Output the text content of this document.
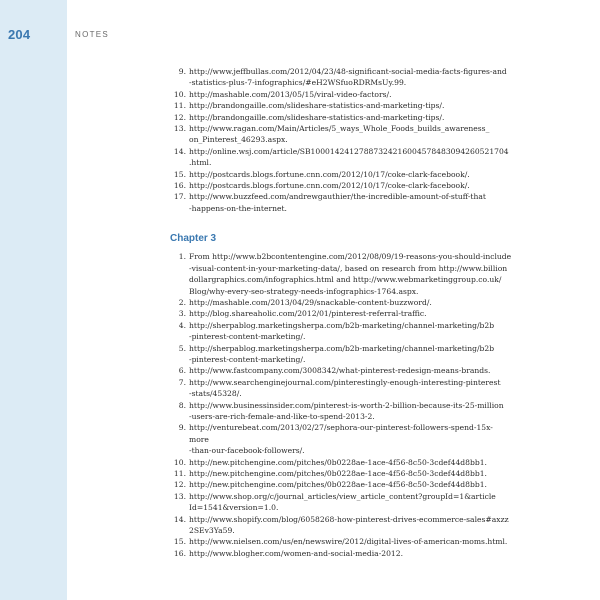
204	NOTES
9. http://www.jeffbullas.com/2012/04/23/48-significant-social-media-facts-figures-and
-statistics-plus-7-infographics/#eH2WSfuoRDRMsUy.99.
10. http://mashable.com/2013/05/15/viral-video-factors/.
11. http://brandongaille.com/slideshare-statistics-and-marketing-tips/.
12. http://brandongaille.com/slideshare-statistics-and-marketing-tips/.
13. http://www.ragan.com/Main/Articles/5_ways_Whole_Foods_builds_awareness_
on_Pinterest_46293.aspx.
14. http://online.wsj.com/article/SB10001424127887324216004578483094260521704
.html.
15. http://postcards.blogs.fortune.cnn.com/2012/10/17/coke-clark-facebook/.
16. http://postcards.blogs.fortune.cnn.com/2012/10/17/coke-clark-facebook/.
17. http://www.buzzfeed.com/andrewgauthier/the-incredible-amount-of-stuff-that
-happens-on-the-internet.
Chapter 3
1. From http://www.b2bcontentengine.com/2012/08/09/19-reasons-you-should-include
-visual-content-in-your-marketing-data/, based on research from http://www.billion
dollargraphics.com/infographics.html and http://www.webmarketinggroup.co.uk/
Blog/why-every-seo-strategy-needs-infographics-1764.aspx.
2. http://mashable.com/2013/04/29/snackable-content-buzzword/.
3. http://blog.shareaholic.com/2012/01/pinterest-referral-traffic.
4. http://sherpablog.marketingsherpa.com/b2b-marketing/channel-marketing/b2b
-pinterest-content-marketing/.
5. http://sherpablog.marketingsherpa.com/b2b-marketing/channel-marketing/b2b
-pinterest-content-marketing/.
6. http://www.fastcompany.com/3008342/what-pinterest-redesign-means-brands.
7. http://www.searchenginejournal.com/pinterestingly-enough-interesting-pinterest
-stats/45328/.
8. http://www.businessinsider.com/pinterest-is-worth-2-billion-because-its-25-million
-users-are-rich-female-and-like-to-spend-2013-2.
9. http://venturebeat.com/2013/02/27/sephora-our-pinterest-followers-spend-15x-more
-than-our-facebook-followers/.
10. http://new.pitchengine.com/pitches/0b0228ae-1ace-4f56-8c50-3cdef44d8bb1.
11. http://new.pitchengine.com/pitches/0b0228ae-1ace-4f56-8c50-3cdef44d8bb1.
12. http://new.pitchengine.com/pitches/0b0228ae-1ace-4f56-8c50-3cdef44d8bb1.
13. http://www.shop.org/c/journal_articles/view_article_content?groupId=1&article
Id=1541&version=1.0.
14. http://www.shopify.com/blog/6058268-how-pinterest-drives-ecommerce-sales#axzz
2SEv3Ya59.
15. http://www.nielsen.com/us/en/newswire/2012/digital-lives-of-american-moms.html.
16. http://www.blogher.com/women-and-social-media-2012.
